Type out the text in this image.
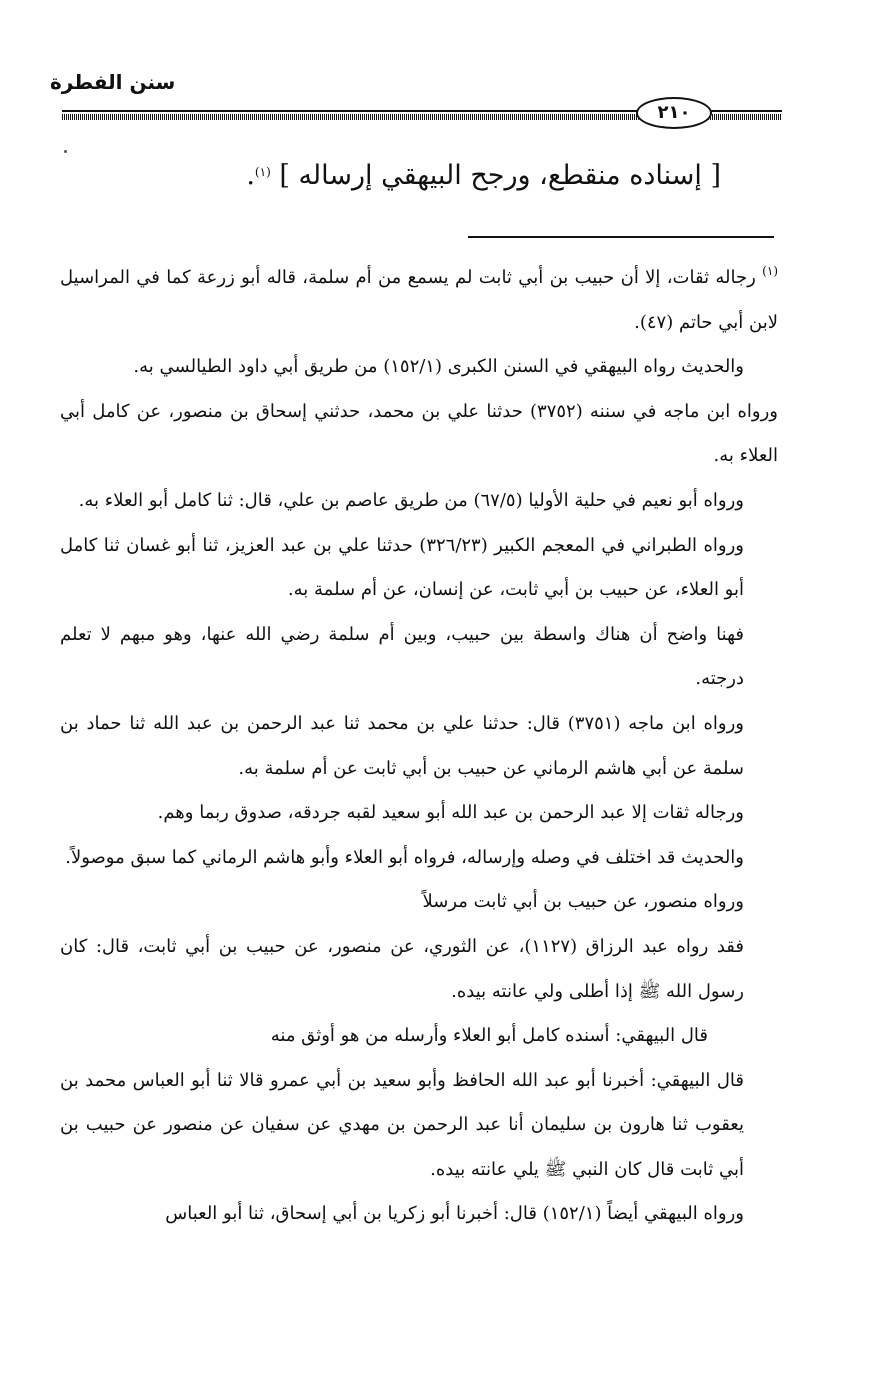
سنن الفطرة
٢١٠
[ إسناده منقطع، ورجح البيهقي إرساله ] $^{(١)}$.

$^{(١)}$ رجاله ثقات، إلا أن حبيب بن أبي ثابت لم يسمع من أم سلمة، قاله أبو زرعة كما في المراسيل لابن أبي حاتم (٤٧).

والحديث رواه البيهقي في السنن الكبرى (١٥٢/١) من طريق أبي داود الطيالسي به.

ورواه ابن ماجه في سننه (٣٧٥٢) حدثنا علي بن محمد، حدثني إسحاق بن منصور، عن كامل أبي العلاء به.

ورواه أبو نعيم في حلية الأوليا (٦٧/٥) من طريق عاصم بن علي، قال: ثنا كامل أبو العلاء به.

ورواه الطبراني في المعجم الكبير (٣٢٦/٢٣) حدثنا علي بن عبد العزيز، ثنا أبو غسان ثنا كامل أبو العلاء، عن حبيب بن أبي ثابت، عن إنسان، عن أم سلمة به.

فهنا واضح أن هناك واسطة بين حبيب، وبين أم سلمة رضي الله عنها، وهو مبهم لا تعلم درجته.

ورواه ابن ماجه (٣٧٥١) قال: حدثنا علي بن محمد ثنا عبد الرحمن بن عبد الله ثنا حماد بن سلمة عن أبي هاشم الرماني عن حبيب بن أبي ثابت عن أم سلمة به.

ورجاله ثقات إلا عبد الرحمن بن عبد الله أبو سعيد لقبه جردقه، صدوق ربما وهم.

والحديث قد اختلف في وصله وإرساله، فرواه أبو العلاء وأبو هاشم الرماني كما سبق موصولاً.

ورواه منصور، عن حبيب بن أبي ثابت مرسلاً

فقد رواه عبد الرزاق (١١٢٧)، عن الثوري، عن منصور، عن حبيب بن أبي ثابت، قال: كان رسول الله ﷺ إذا أطلى ولي عانته بيده.

قال البيهقي: أسنده كامل أبو العلاء وأرسله من هو أوثق منه

قال البيهقي: أخبرنا أبو عبد الله الحافظ وأبو سعيد بن أبي عمرو قالا ثنا أبو العباس محمد بن يعقوب ثنا هارون بن سليمان أنا عبد الرحمن بن مهدي عن سفيان عن منصور عن حبيب بن أبي ثابت قال كان النبي ﷺ يلي عانته بيده.

ورواه البيهقي أيضاً (١٥٢/١) قال: أخبرنا أبو زكريا بن أبي إسحاق، ثنا أبو العباس
